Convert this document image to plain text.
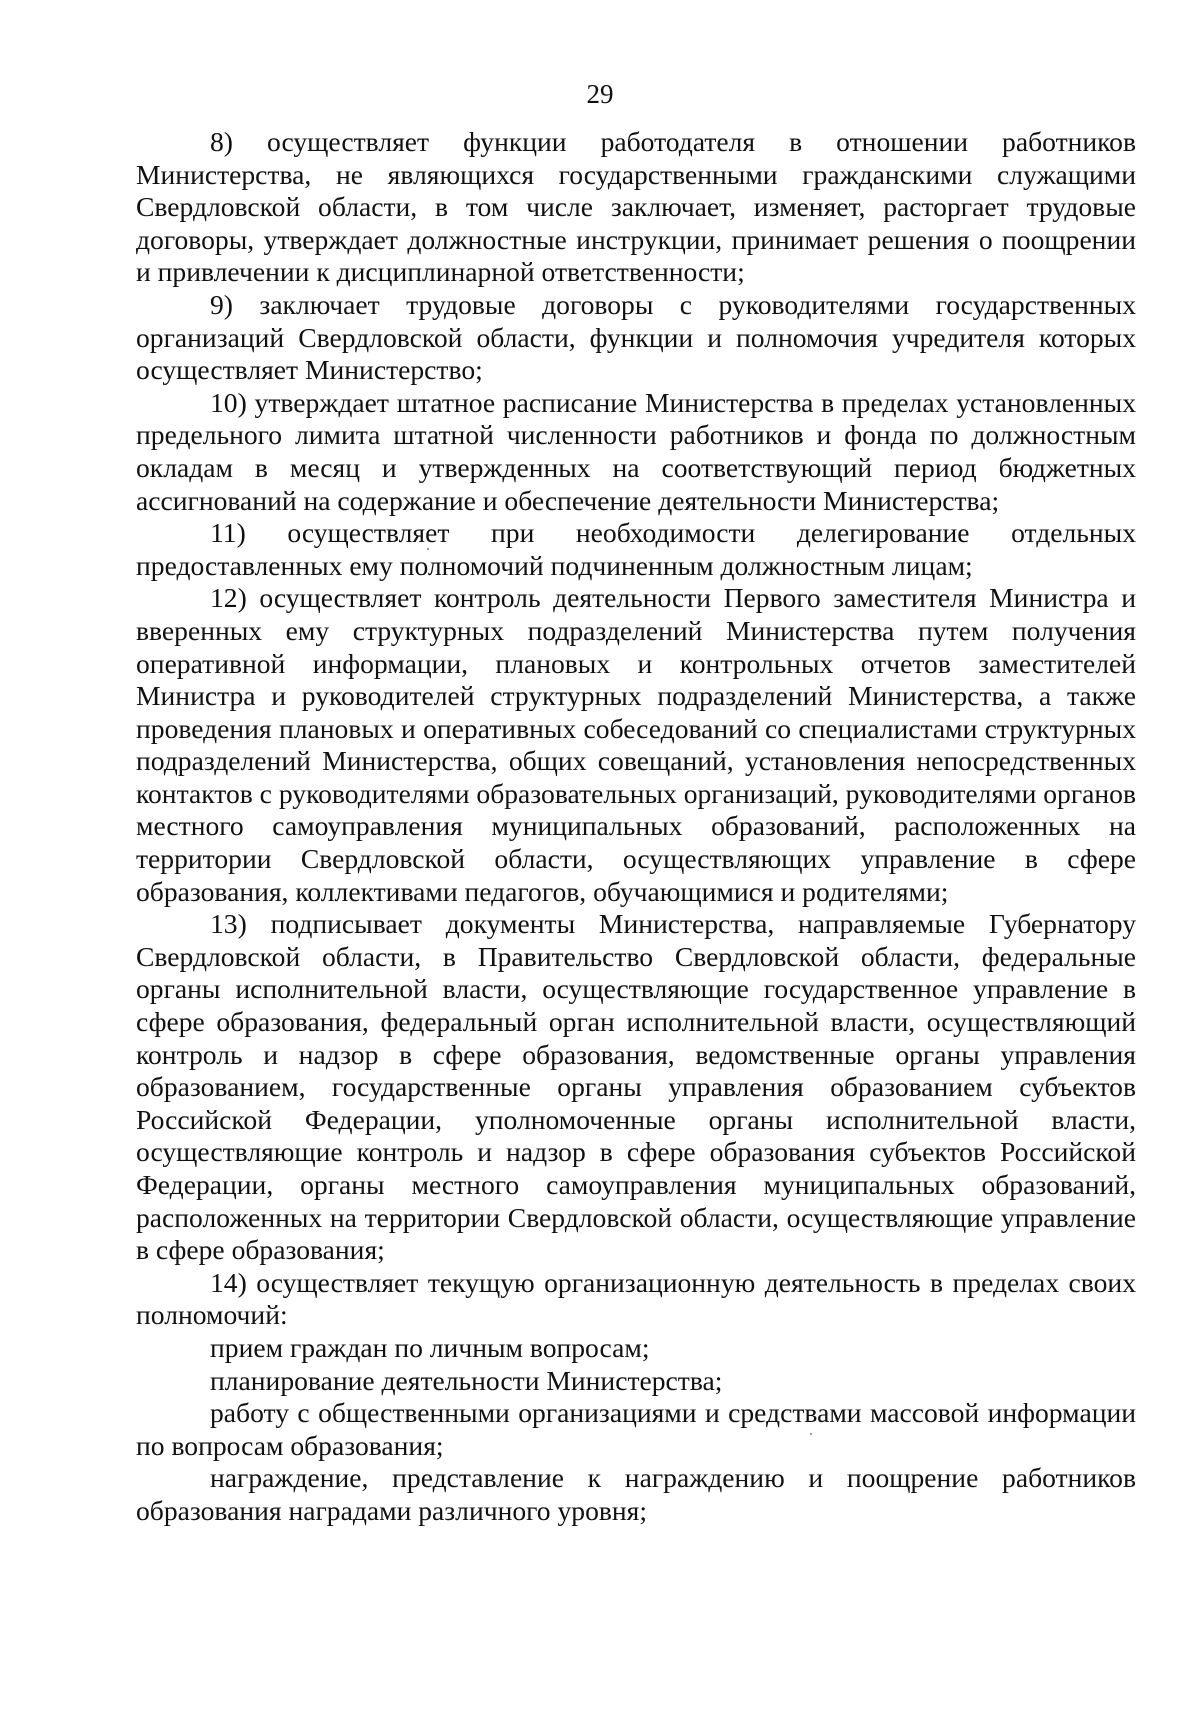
29

8) осуществляет функции работодателя в отношении работников Министерства, не являющихся государственными гражданскими служащими Свердловской области, в том числе заключает, изменяет, расторгает трудовые договоры, утверждает должностные инструкции, принимает решения о поощрении и привлечении к дисциплинарной ответственности;

9) заключает трудовые договоры с руководителями государственных организаций Свердловской области, функции и полномочия учредителя которых осуществляет Министерство;

10) утверждает штатное расписание Министерства в пределах установленных предельного лимита штатной численности работников и фонда по должностным окладам в месяц и утвержденных на соответствующий период бюджетных ассигнований на содержание и обеспечение деятельности Министерства;

11) осуществляет при необходимости делегирование отдельных предоставленных ему полномочий подчиненным должностным лицам;

12) осуществляет контроль деятельности Первого заместителя Министра и вверенных ему структурных подразделений Министерства путем получения оперативной информации, плановых и контрольных отчетов заместителей Министра и руководителей структурных подразделений Министерства, а также проведения плановых и оперативных собеседований со специалистами структурных подразделений Министерства, общих совещаний, установления непосредственных контактов с руководителями образовательных организаций, руководителями органов местного самоуправления муниципальных образований, расположенных на территории Свердловской области, осуществляющих управление в сфере образования, коллективами педагогов, обучающимися и родителями;

13) подписывает документы Министерства, направляемые Губернатору Свердловской области, в Правительство Свердловской области, федеральные органы исполнительной власти, осуществляющие государственное управление в сфере образования, федеральный орган исполнительной власти, осуществляющий контроль и надзор в сфере образования, ведомственные органы управления образованием, государственные органы управления образованием субъектов Российской Федерации, уполномоченные органы исполнительной власти, осуществляющие контроль и надзор в сфере образования субъектов Российской Федерации, органы местного самоуправления муниципальных образований, расположенных на территории Свердловской области, осуществляющие управление в сфере образования;

14) осуществляет текущую организационную деятельность в пределах своих полномочий:

прием граждан по личным вопросам;

планирование деятельности Министерства;

работу с общественными организациями и средствами массовой информации по вопросам образования;

награждение, представление к награждению и поощрение работников образования наградами различного уровня;
